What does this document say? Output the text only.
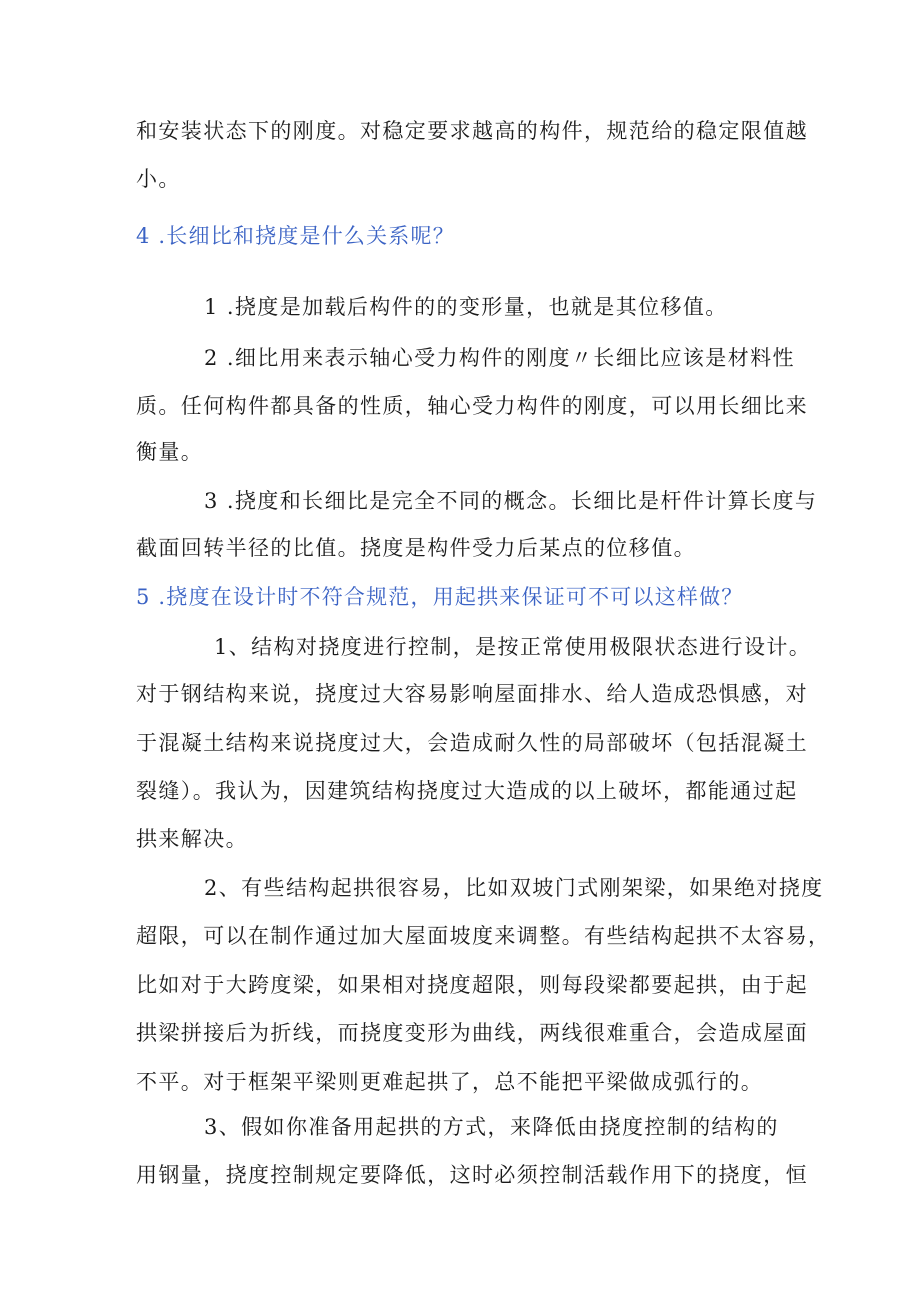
和安装状态下的刚度。对稳定要求越高的构件，规范给的稳定限值越
小。
4 .长细比和挠度是什么关系呢？
1 .挠度是加载后构件的的变形量，也就是其位移值。
2 .细比用来表示轴心受力构件的刚度〃长细比应该是材料性
质。任何构件都具备的性质，轴心受力构件的刚度，可以用长细比来
衡量。
3 .挠度和长细比是完全不同的概念。长细比是杆件计算长度与
截面回转半径的比值。挠度是构件受力后某点的位移值。
5 .挠度在设计时不符合规范，用起拱来保证可不可以这样做？
1、结构对挠度进行控制，是按正常使用极限状态进行设计。
对于钢结构来说，挠度过大容易影响屋面排水、给人造成恐惧感，对
于混凝土结构来说挠度过大，会造成耐久性的局部破坏（包括混凝土
裂缝）。我认为，因建筑结构挠度过大造成的以上破坏，都能通过起
拱来解决。
2、有些结构起拱很容易，比如双坡门式刚架梁，如果绝对挠度
超限，可以在制作通过加大屋面坡度来调整。有些结构起拱不太容易，
比如对于大跨度梁，如果相对挠度超限，则每段梁都要起拱，由于起
拱梁拼接后为折线，而挠度变形为曲线，两线很难重合，会造成屋面
不平。对于框架平梁则更难起拱了，总不能把平梁做成弧行的。
3、假如你准备用起拱的方式，来降低由挠度控制的结构的
用钢量，挠度控制规定要降低，这时必须控制活载作用下的挠度，恒
